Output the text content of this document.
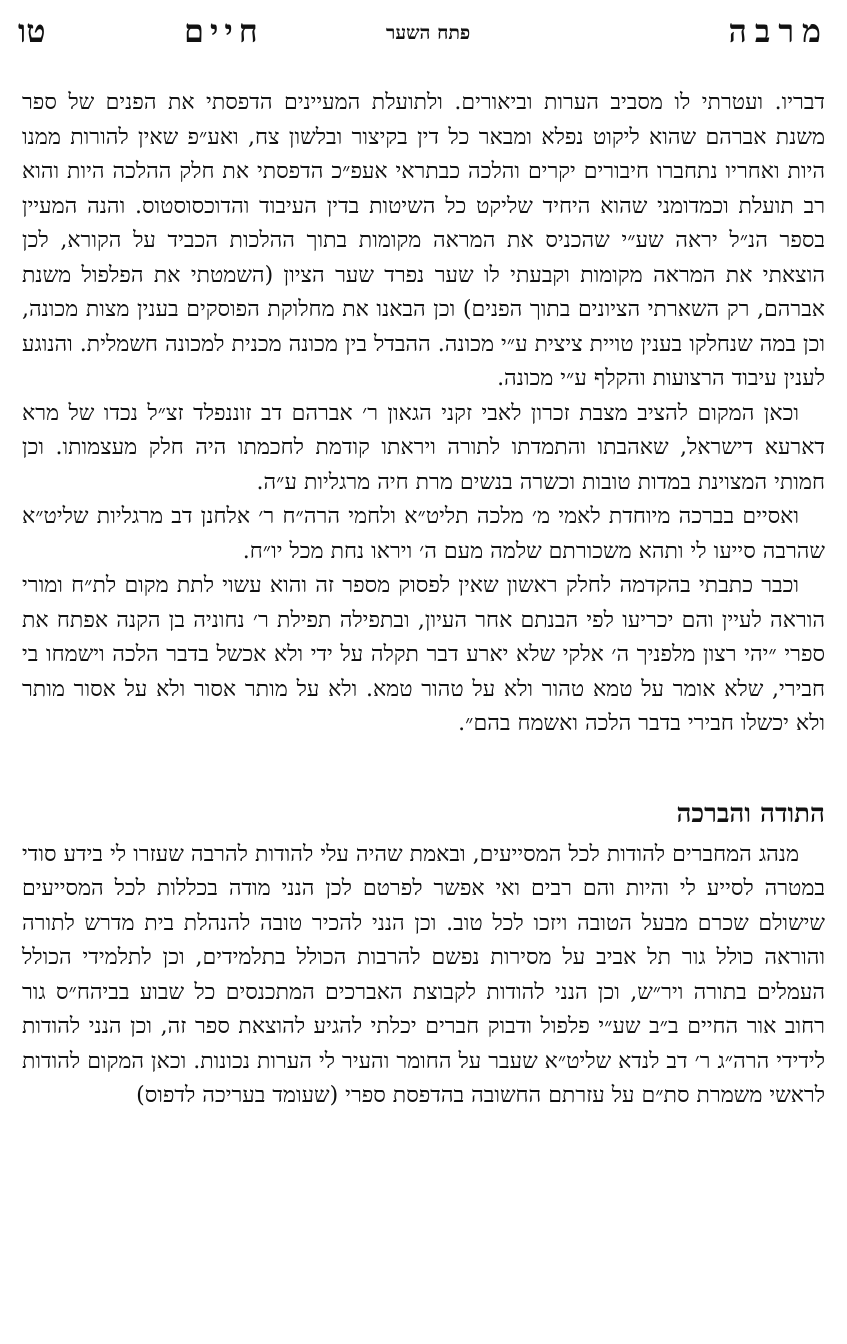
טו	חיים	פתח השער	מרבה

דבריו. ועטרתי לו מסביב הערות וביאורים. ולתועלת המעיינים הדפסתי את הפנים של ספר משנת אברהם שהוא ליקוט נפלא ומבאר כל דין בקיצור ובלשון צח, ואע״פ שאין להורות ממנו היות ואחריו נתחברו חיבורים יקרים והלכה כבתראי אעפ״כ הדפסתי את חלק ההלכה היות והוא רב תועלת וכמדומני שהוא היחיד שליקט כל השיטות בדין העיבוד והדוכסוסטוס. והנה המעיין בספר הנ״ל יראה שע״י שהכניס את המראה מקומות בתוך ההלכות הכביד על הקורא, לכן הוצאתי את המראה מקומות וקבעתי לו שער נפרד שער הציון (השמטתי את הפלפול משנת אברהם, רק השארתי הציונים בתוך הפנים) וכן הבאנו את מחלוקת הפוסקים בענין מצות מכונה, וכן במה שנחלקו בענין טויית ציצית ע״י מכונה. ההבדל בין מכונה מכנית למכונה חשמלית. והנוגע לענין עיבוד הרצועות והקלף ע״י מכונה.

וכאן המקום להציב מצבת זכרון לאבי זקני הגאון ר׳ אברהם דב זוננפלד זצ״ל נכדו של מרא דארעא דישראל, שאהבתו והתמדתו לתורה ויראתו קודמת לחכמתו היה חלק מעצמותו. וכן חמותי המצוינת במדות טובות וכשרה בנשים מרת חיה מרגליות ע״ה.

ואסיים בברכה מיוחדת לאמי מ׳ מלכה תליט״א ולחמי הרה״ח ר׳ אלחנן דב מרגליות שליט״א שהרבה סייעו לי ותהא משכורתם שלמה מעם ה׳ ויראו נחת מכל יו״ח.

וכבר כתבתי בהקדמה לחלק ראשון שאין לפסוק מספר זה והוא עשוי לתת מקום לת״ח ומורי הוראה לעיין והם יכריעו לפי הבנתם אחר העיון, ובתפילה תפילת ר׳ נחוניה בן הקנה אפתח את ספרי ״יהי רצון מלפניך ה׳ אלקי שלא יארע דבר תקלה על ידי ולא אכשל בדבר הלכה וישמחו בי חבירי, שלא אומר על טמא טהור ולא על טהור טמא. ולא על מותר אסור ולא על אסור מותר ולא יכשלו חבירי בדבר הלכה ואשמח בהם״.

התודה והברכה

מנהג המחברים להודות לכל המסייעים, ובאמת שהיה עלי להודות להרבה שעזרו לי בידע סודי במטרה לסייע לי והיות והם רבים ואי אפשר לפרטם לכן הנני מודה בכללות לכל המסייעים שישולם שכרם מבעל הטובה ויזכו לכל טוב. וכן הנני להכיר טובה להנהלת בית מדרש לתורה והוראה כולל גור תל אביב על מסירות נפשם להרבות הכולל בתלמידים, וכן לתלמידי הכולל העמלים בתורה ויר״ש, וכן הנני להודות לקבוצת האברכים המתכנסים כל שבוע בביהח״ס גור רחוב אור החיים ב״ב שע״י פלפול ודבוק חברים יכלתי להגיע להוצאת ספר זה, וכן הנני להודות לידידי הרה״ג ר׳ דב לנדא שליט״א שעבר על החומר והעיר לי הערות נכונות. וכאן המקום להודות לראשי משמרת סת״ם על עזרתם החשובה בהדפסת ספרי (שעומד בעריכה לדפוס)
